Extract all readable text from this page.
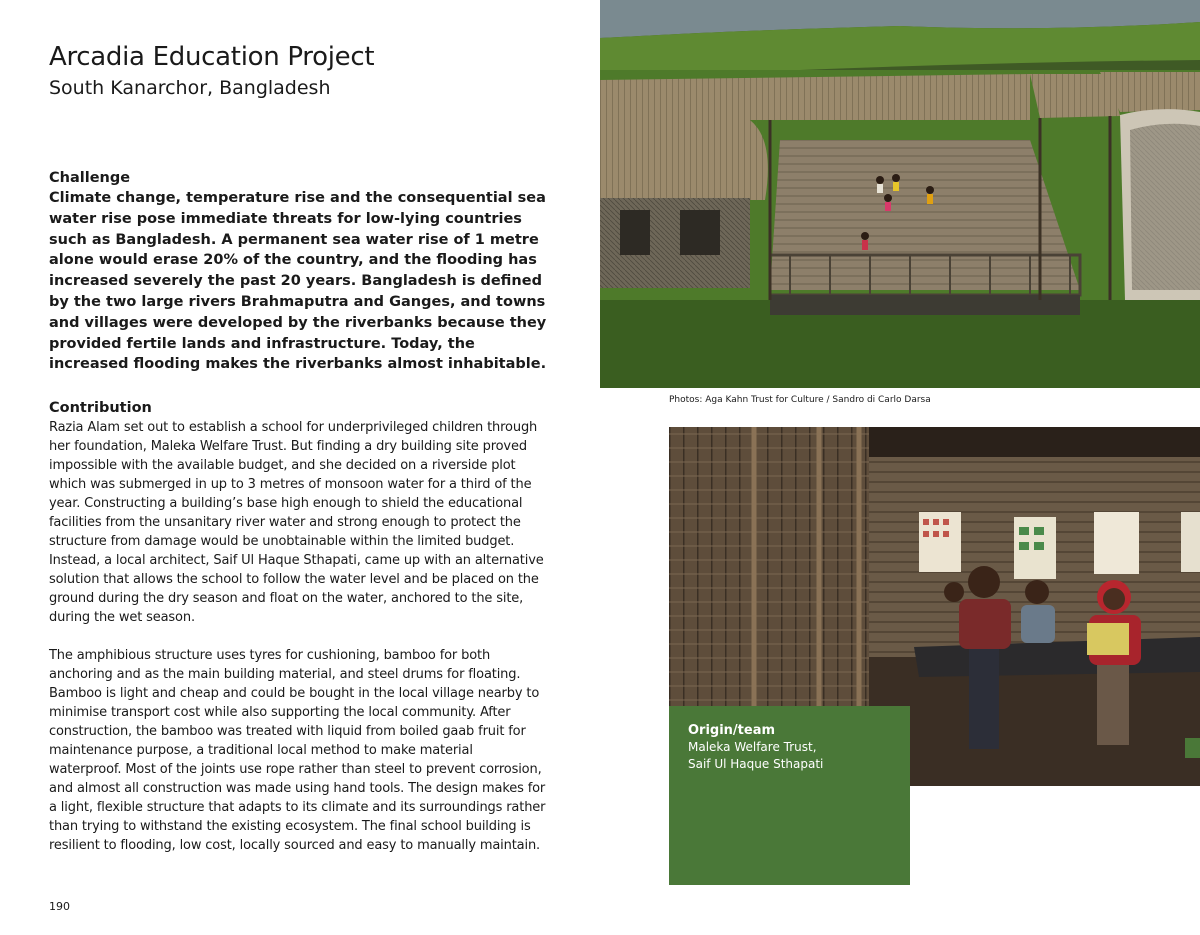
Arcadia Education Project
South Kanarchor, Bangladesh
Challenge

Climate change, temperature rise and the consequential sea water rise pose immediate threats for low-lying countries such as Bangladesh. A permanent sea water rise of 1 metre alone would erase 20% of the country, and the flooding has increased severely the past 20 years. Bangladesh is defined by the two large rivers Brahmaputra and Ganges, and towns and villages were developed by the riverbanks because they provided fertile lands and infrastructure. Today, the increased flooding makes the riverbanks almost inhabitable.

Contribution

Razia Alam set out to establish a school for underprivileged children through her foundation, Maleka Welfare Trust. But finding a dry building site proved impossible with the available budget, and she decided on a riverside plot which was submerged in up to 3 metres of monsoon water for a third of the year. Constructing a building’s base high enough to shield the educational facilities from the unsanitary river water and strong enough to protect the structure from damage would be unobtainable within the limited budget. Instead, a local architect, Saif Ul Haque Sthapati, came up with an alternative solution that allows the school to follow the water level and be placed on the ground during the dry season and float on the water, anchored to the site, during the wet season.

The amphibious structure uses tyres for cushioning, bamboo for both anchoring and as the main building material, and steel drums for floating. Bamboo is light and cheap and could be bought in the local village nearby to minimise transport cost while also supporting the local community. After construction, the bamboo was treated with liquid from boiled gaab fruit for maintenance purpose, a traditional local method to make material waterproof. Most of the joints use rope rather than steel to prevent corrosion, and almost all construction was made using hand tools. The design makes for a light, flexible structure that adapts to its climate and its surroundings rather than trying to withstand the existing ecosystem. The final school building is resilient to flooding, low cost, locally sourced and easy to manually maintain.

190
Photos: Aga Kahn Trust for Culture / Sandro di Carlo Darsa
Origin/team
Maleka Welfare Trust,
Saif Ul Haque Sthapati
